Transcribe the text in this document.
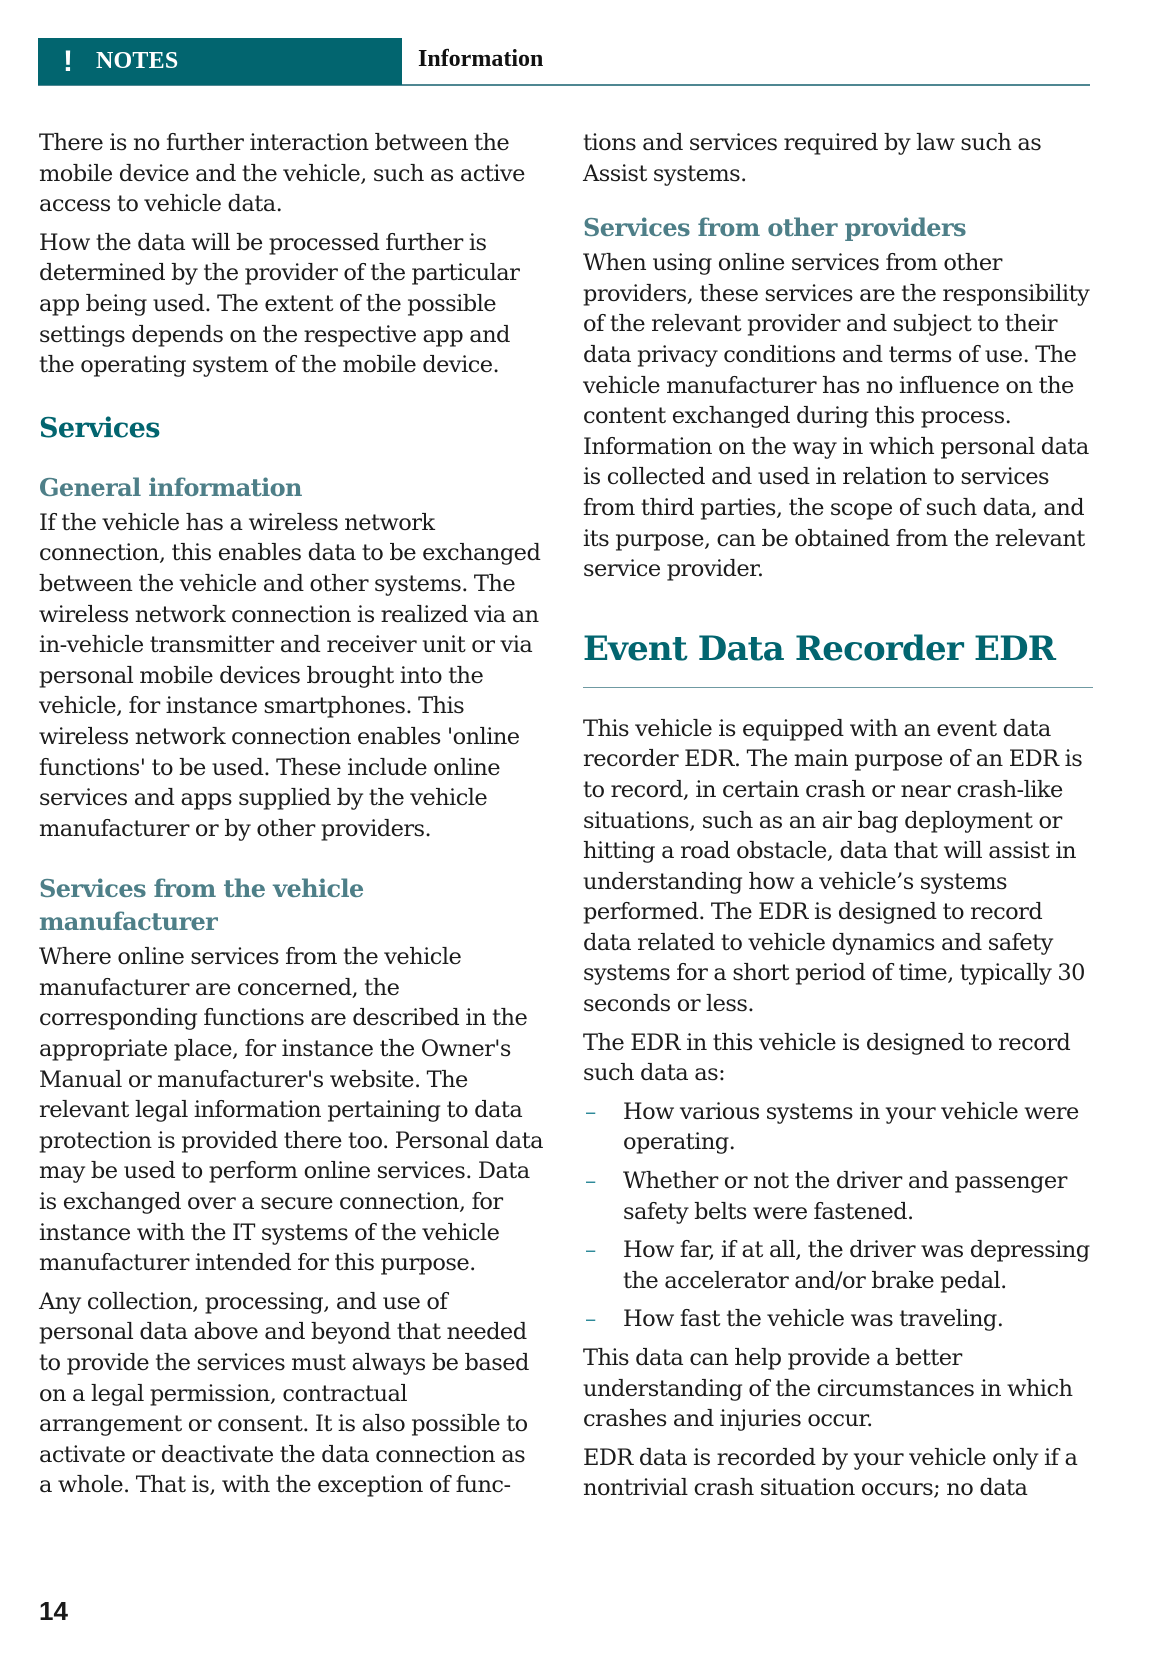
! NOTES	Information

There is no further interaction between the mobile device and the vehicle, such as active access to vehicle data.

How the data will be processed further is determined by the provider of the particular app being used. The extent of the possible settings depends on the respective app and the operating system of the mobile device.

Services
General information

If the vehicle has a wireless network connection, this enables data to be exchanged between the vehicle and other systems. The wireless network connection is realized via an in-vehicle transmitter and receiver unit or via personal mobile devices brought into the vehicle, for instance smartphones. This wireless network connection enables 'online functions' to be used. These include online services and apps supplied by the vehicle manufacturer or by other providers.

Services from the vehicle manufacturer

Where online services from the vehicle manufacturer are concerned, the corresponding functions are described in the appropriate place, for instance the Owner's Manual or manufacturer's website. The relevant legal information pertaining to data protection is provided there too. Personal data may be used to perform online services. Data is exchanged over a secure connection, for instance with the IT systems of the vehicle manufacturer intended for this purpose.

Any collection, processing, and use of personal data above and beyond that needed to provide the services must always be based on a legal permission, contractual arrangement or consent. It is also possible to activate or deactivate the data connection as a whole. That is, with the exception of func-

tions and services required by law such as Assist systems.

Services from other providers

When using online services from other providers, these services are the responsibility of the relevant provider and subject to their data privacy conditions and terms of use. The vehicle manufacturer has no influence on the content exchanged during this process. Information on the way in which personal data is collected and used in relation to services from third parties, the scope of such data, and its purpose, can be obtained from the relevant service provider.

Event Data Recorder EDR

This vehicle is equipped with an event data recorder EDR. The main purpose of an EDR is to record, in certain crash or near crash-like situations, such as an air bag deployment or hitting a road obstacle, data that will assist in understanding how a vehicle’s systems performed. The EDR is designed to record data related to vehicle dynamics and safety systems for a short period of time, typically 30 seconds or less.

The EDR in this vehicle is designed to record such data as:

– How various systems in your vehicle were operating.
– Whether or not the driver and passenger safety belts were fastened.
– How far, if at all, the driver was depressing the accelerator and/or brake pedal.
– How fast the vehicle was traveling.

This data can help provide a better understanding of the circumstances in which crashes and injuries occur.

EDR data is recorded by your vehicle only if a nontrivial crash situation occurs; no data

14
